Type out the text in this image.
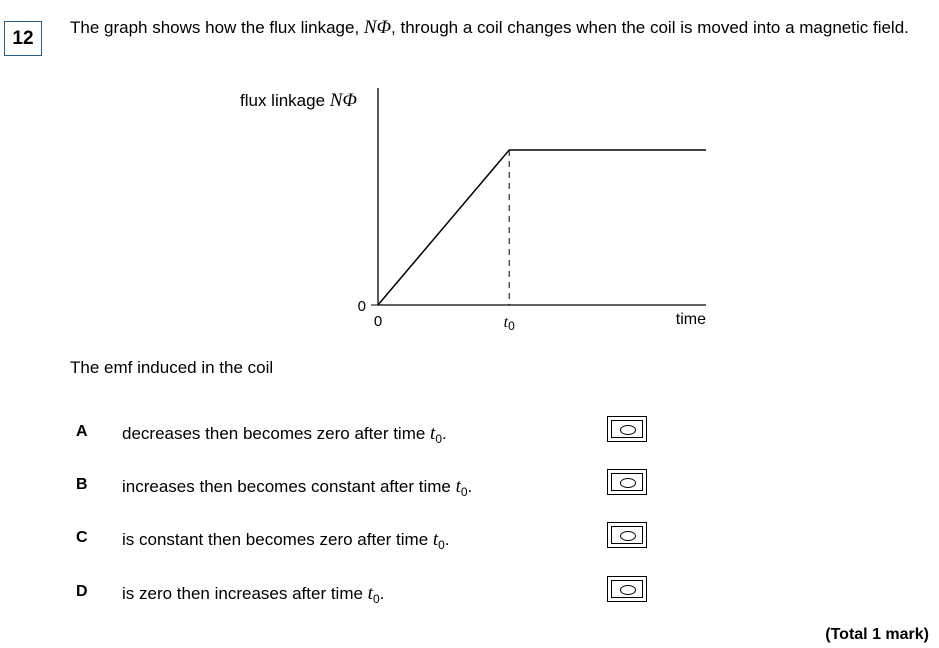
12
The graph shows how the flux linkage, NΦ, through a coil changes when the coil is moved into a magnetic field.
flux linkage NΦ
0
0	$t_0$	time
The emf induced in the coil
A decreases then becomes zero after time $t_0$.
B increases then becomes constant after time $t_0$.
C is constant then becomes zero after time $t_0$.
D is zero then increases after time $t_0$.
(Total 1 mark)
